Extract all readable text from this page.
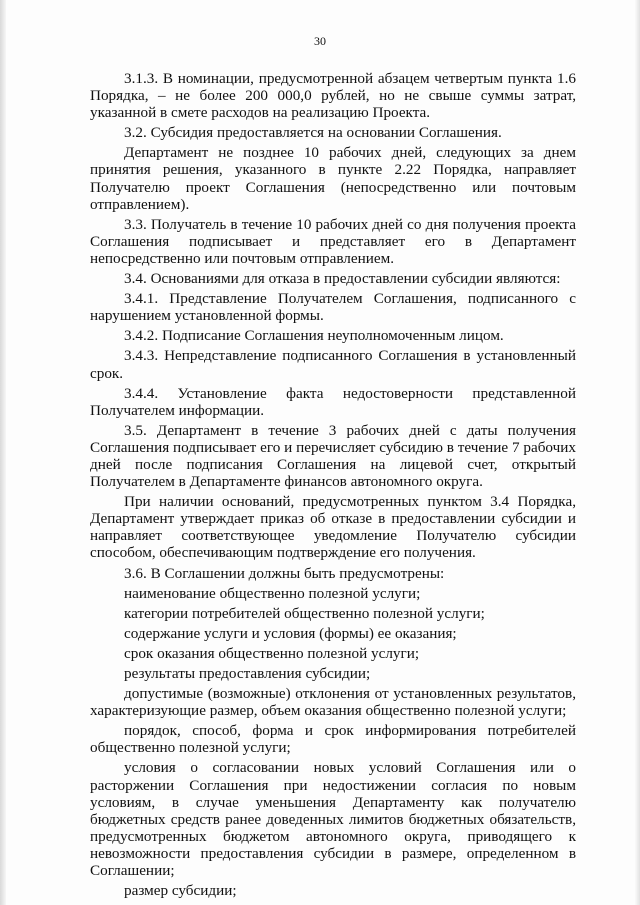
30

3.1.3. В номинации, предусмотренной абзацем четвертым пункта 1.6 Порядка, – не более 200 000,0 рублей, но не свыше суммы затрат, указанной в смете расходов на реализацию Проекта.

3.2. Субсидия предоставляется на основании Соглашения.

Департамент не позднее 10 рабочих дней, следующих за днем принятия решения, указанного в пункте 2.22 Порядка, направляет Получателю проект Соглашения (непосредственно или почтовым отправлением).

3.3. Получатель в течение 10 рабочих дней со дня получения проекта Соглашения подписывает и представляет его в Департамент непосредственно или почтовым отправлением.

3.4. Основаниями для отказа в предоставлении субсидии являются:

3.4.1. Представление Получателем Соглашения, подписанного с нарушением установленной формы.

3.4.2. Подписание Соглашения неуполномоченным лицом.

3.4.3. Непредставление подписанного Соглашения в установленный срок.

3.4.4. Установление факта недостоверности представленной Получателем информации.

3.5. Департамент в течение 3 рабочих дней с даты получения Соглашения подписывает его и перечисляет субсидию в течение 7 рабочих дней после подписания Соглашения на лицевой счет, открытый Получателем в Департаменте финансов автономного округа.

При наличии оснований, предусмотренных пунктом 3.4 Порядка, Департамент утверждает приказ об отказе в предоставлении субсидии и направляет соответствующее уведомление Получателю субсидии способом, обеспечивающим подтверждение его получения.

3.6. В Соглашении должны быть предусмотрены:

наименование общественно полезной услуги;

категории потребителей общественно полезной услуги;

содержание услуги и условия (формы) ее оказания;

срок оказания общественно полезной услуги;

результаты предоставления субсидии;

допустимые (возможные) отклонения от установленных результатов, характеризующие размер, объем оказания общественно полезной услуги;

порядок, способ, форма и срок информирования потребителей общественно полезной услуги;

условия о согласовании новых условий Соглашения или о расторжении Соглашения при недостижении согласия по новым условиям, в случае уменьшения Департаменту как получателю бюджетных средств ранее доведенных лимитов бюджетных обязательств, предусмотренных бюджетом автономного округа, приводящего к невозможности предоставления субсидии в размере, определенном в Соглашении;

размер субсидии;
